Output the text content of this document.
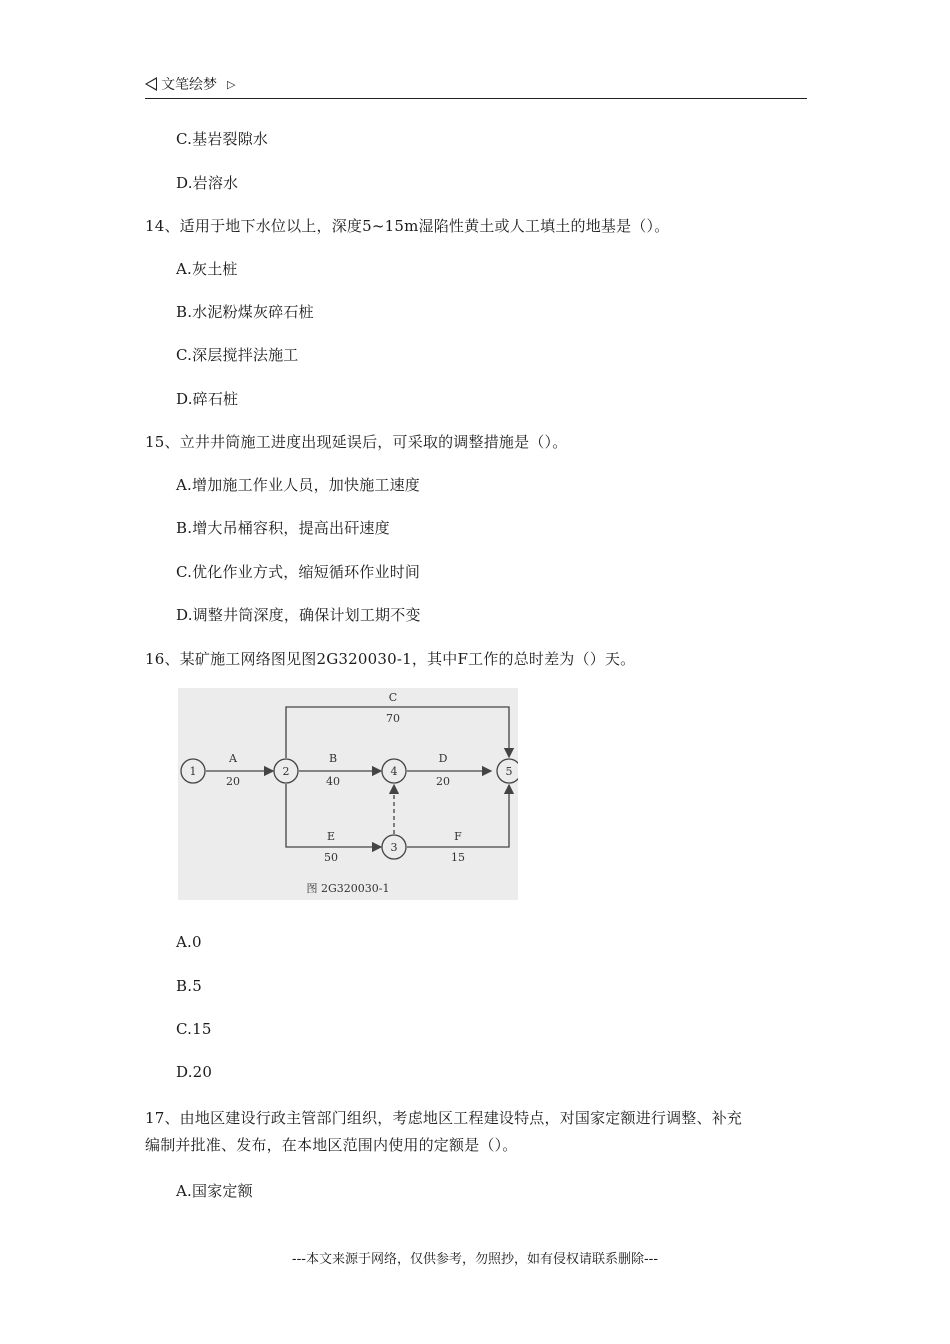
文笔绘梦 ▷
C.基岩裂隙水
D.岩溶水
14、适用于地下水位以上，深度5~15m湿陷性黄土或人工填土的地基是（）。
A.灰土桩
B.水泥粉煤灰碎石桩
C.深层搅拌法施工
D.碎石桩
15、立井井筒施工进度出现延误后，可采取的调整措施是（）。
A.增加施工作业人员，加快施工速度
B.增大吊桶容积，提高出矸速度
C.优化作业方式，缩短循环作业时间
D.调整井筒深度，确保计划工期不变
16、某矿施工网络图见图2G320030-1，其中F工作的总时差为（）天。
1	2
3
4	5
A
20
B
40
C
70
D
20
E
50
F
15
图 2G320030-1
A.0
B.5
C.15
D.20
17、由地区建设行政主管部门组织，考虑地区工程建设特点，对国家定额进行调整、补充
编制并批准、发布，在本地区范围内使用的定额是（）。
A.国家定额
---本文来源于网络，仅供参考，勿照抄，如有侵权请联系删除---
